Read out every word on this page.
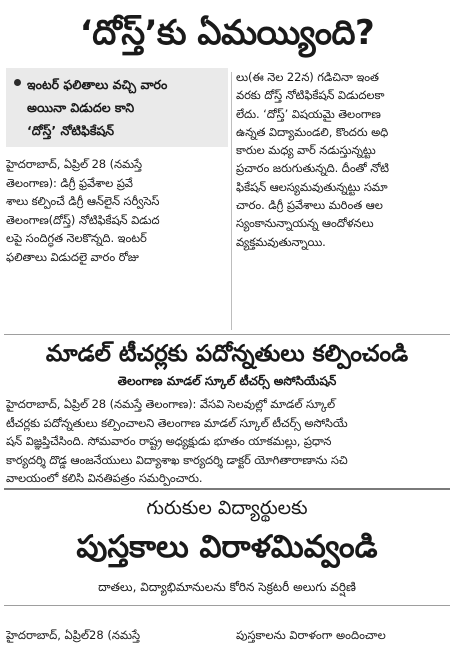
‘దోస్త్’కు ఏమయ్యింది?
ఇంటర్ ఫలితాలు వచ్చి వారం
అయినా విడుదల కాని
‘దోస్త్’ నోటిఫికేషన్
హైదరాబాద్, ఏప్రిల్ 28 (నమస్తే
తెలంగాణ): డిగ్రీ ఫ్రవేశాల ప్రవే
శాలు కల్పించే డిగ్రీ ఆన్‌లైన్ సర్వీసెస్
తెలంగాణ(దోస్త్) నోటిఫికేషన్ విడుద
లపై సందిగ్ధత నెలకొన్నది. ఇంటర్
ఫలితాలు విడుదలై వారం రోజు
లు(ఈ నెల 22న) గడిచినా ఇంత
వరకు దోస్త్ నోటిఫికేషన్ విడుదలకా
లేదు. ‘దోస్త్’ విషయమై తెలంగాణ
ఉన్నత విద్యామండలి, కొందరు అధి
కారుల మధ్య వార్ నడుస్తున్నట్టు
ప్రచారం జరుగుతున్నది. దీంతో నోటి
ఫికేషన్ ఆలస్యమవుతున్నట్టు సమా
చారం. డిగ్రీ ప్రవేశాలు మరింత ఆల
స్యంకానున్నాయన్న ఆందోళనలు
వ్యక్తమవుతున్నాయి.
మాడల్ టీచర్లకు పదోన్నతులు కల్పించండి
తెలంగాణ మాడల్ స్కూల్ టీచర్స్ అసోసియేషన్
హైదరాబాద్, ఏప్రిల్ 28 (నమస్తే తెలంగాణ): వేసవి సెలవుల్లో మాడల్ స్కూల్
టీచర్లకు పదోన్నతులు కల్పించాలని తెలంగాణ మాడల్ స్కూల్ టీచర్స్ అసోసియే
షన్ విజ్ఞప్తిచేసింది. సోమవారం రాష్ట్ర అధ్యక్షుడు భూతం యాకమల్లు, ప్రధాన
కార్యదర్శి దొడ్డ ఆంజనేయులు విద్యాశాఖ కార్యదర్శి డాక్టర్ యోగితారాణాను సచి
వాలయంలో కలిసి వినతిపత్రం సమర్పించారు.
గురుకుల విద్యార్థులకు
పుస్తకాలు విరాళమివ్వండి
దాతలు, విద్యాభిమానులను కోరిన సెక్రటరీ అలుగు వర్షిణి
హైదరాబాద్, ఏప్రిల్28 (నమస్తే	పుస్తకాలను విరాళంగా అందించాల
